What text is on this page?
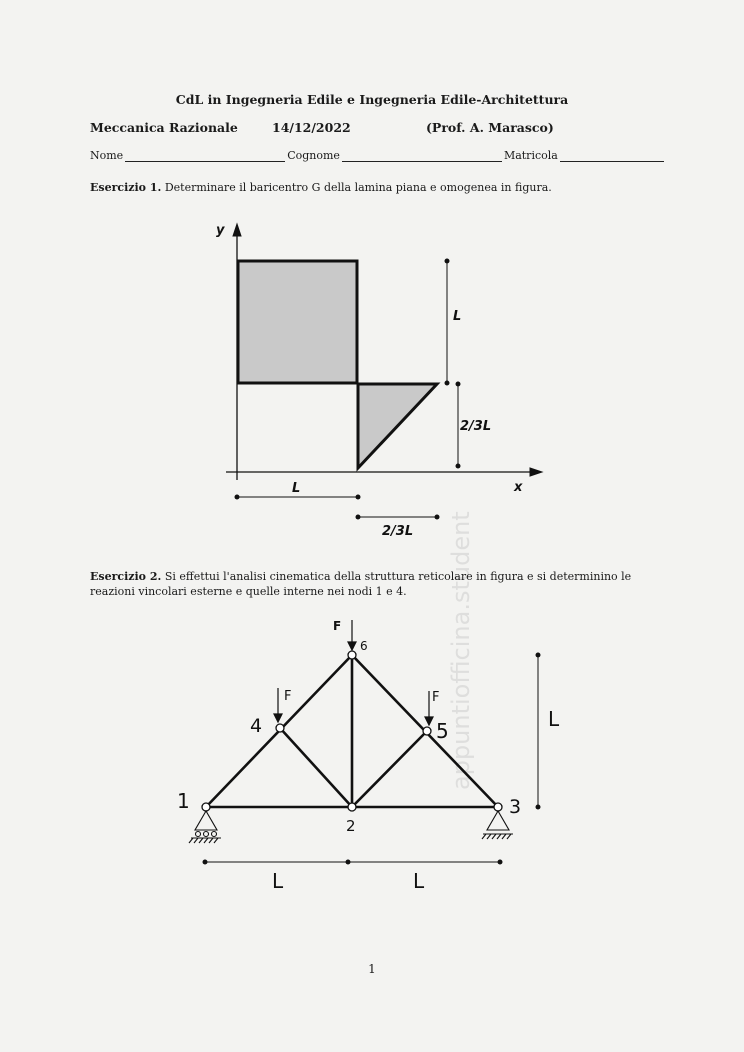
appuntiofficina.student
CdL in Ingegneria Edile e Ingegneria Edile-Architettura
Meccanica Razionale	14/12/2022	(Prof. A. Marasco)
Nome	Cognome	Matricola
Esercizio 1. Determinare il baricentro G della lamina piana e omogenea in figura.
Esercizio 2. Si effettui l'analisi cinematica della struttura reticolare in figura e si determinino le reazioni vincolari esterne e quelle interne nei nodi 1 e 4.
1
y
x
L
2/3L
L
2/3L
F
F	F
1
2
3
4	5
6
L
L	L
